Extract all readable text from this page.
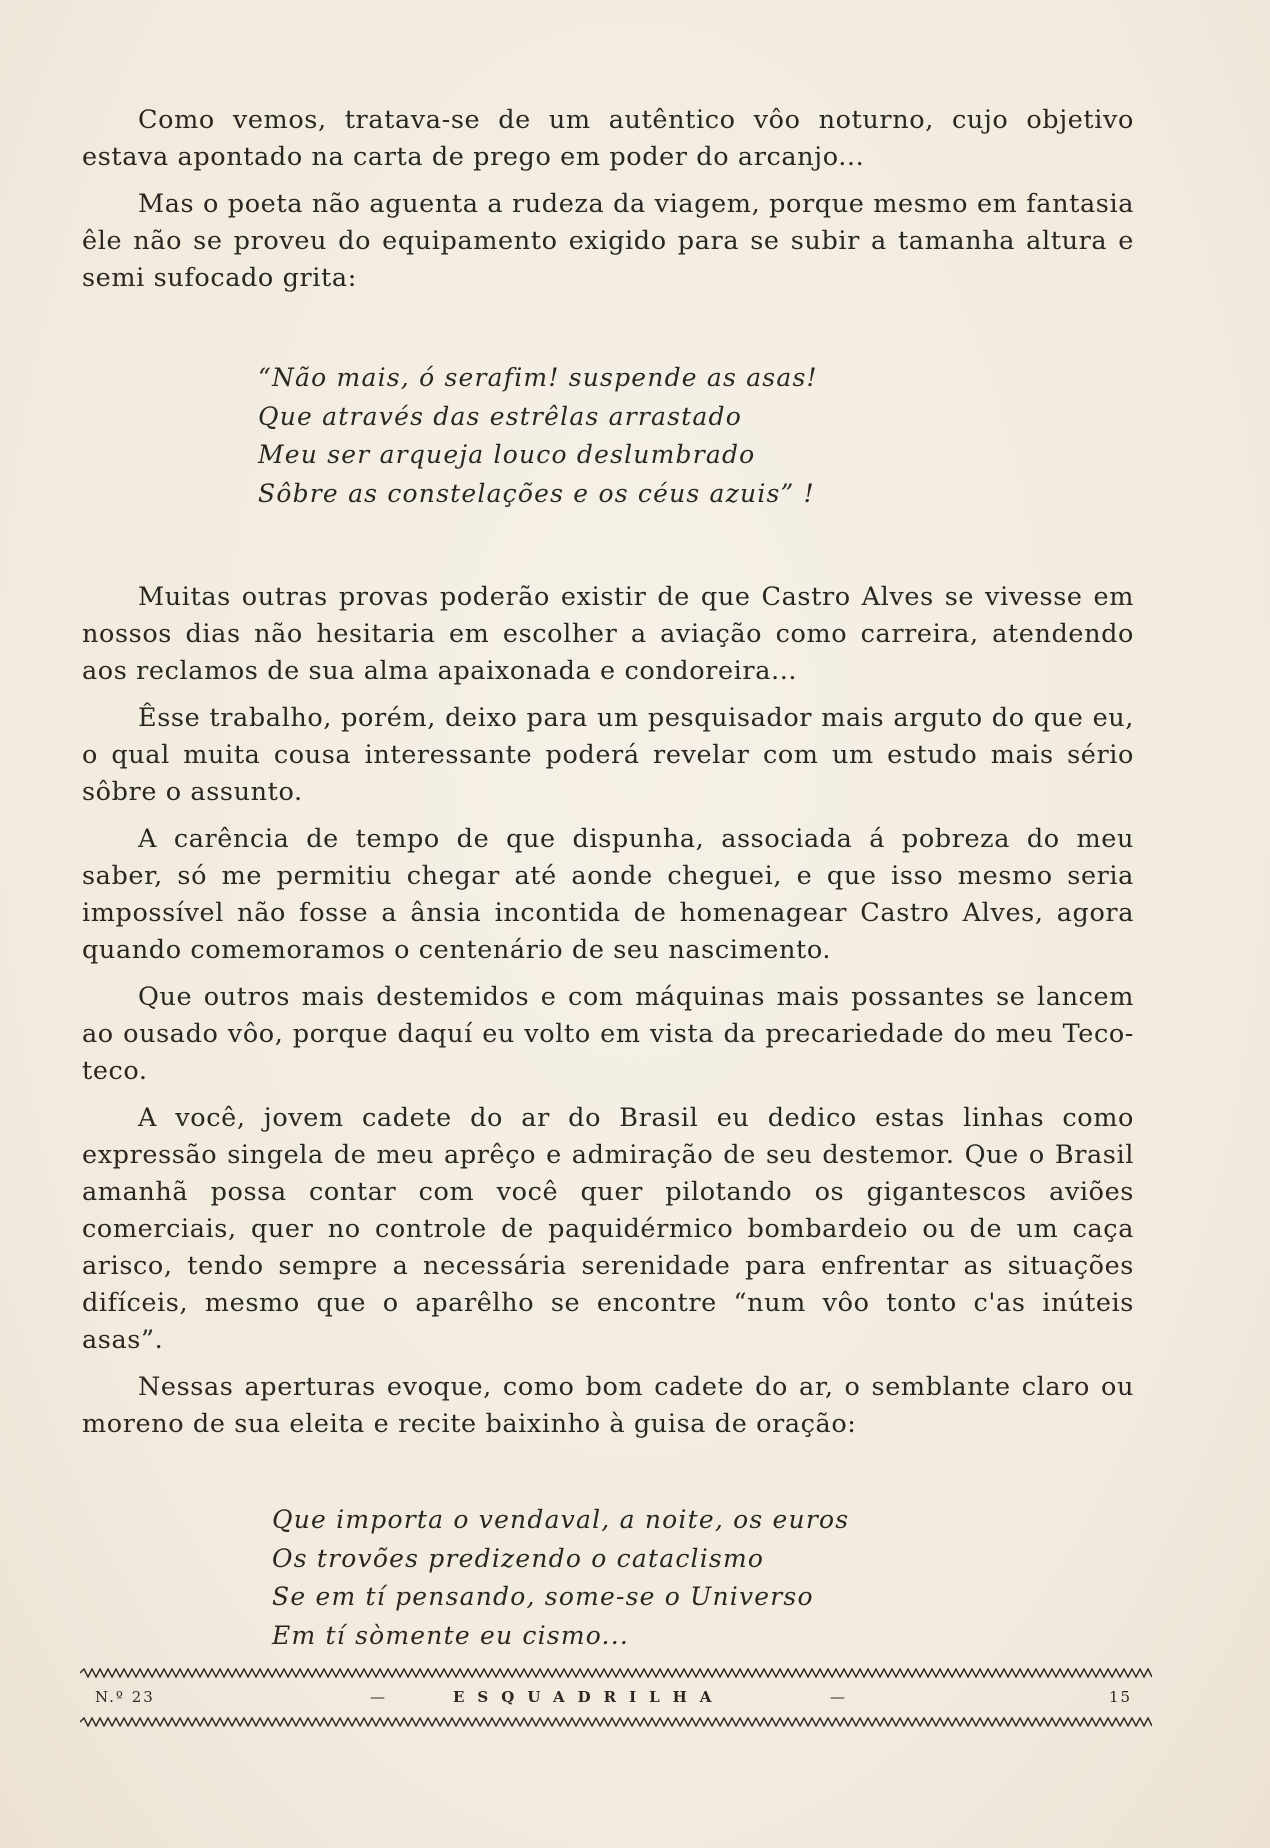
Como vemos, tratava-se de um autêntico vôo noturno, cujo objetivo estava apontado na carta de prego em poder do arcanjo...

Mas o poeta não aguenta a rudeza da viagem, porque mesmo em fantasia êle não se proveu do equipamento exigido para se subir a tamanha altura e semi sufocado grita:

“Não mais, ó serafim! suspende as asas!
Que através das estrêlas arrastado
Meu ser arqueja louco deslumbrado
Sôbre as constelações e os céus azuis” !

Muitas outras provas poderão existir de que Castro Alves se vivesse em nossos dias não hesitaria em escolher a aviação como carreira, atendendo aos reclamos de sua alma apaixonada e condoreira...

Êsse trabalho, porém, deixo para um pesquisador mais arguto do que eu, o qual muita cousa interessante poderá revelar com um estudo mais sério sôbre o assunto.

A carência de tempo de que dispunha, associada á pobreza do meu saber, só me permitiu chegar até aonde cheguei, e que isso mesmo seria impossível não fosse a ânsia incontida de homenagear Castro Alves, agora quando comemoramos o centenário de seu nascimento.

Que outros mais destemidos e com máquinas mais possantes se lancem ao ousado vôo, porque daquí eu volto em vista da precariedade do meu Teco-teco.

A você, jovem cadete do ar do Brasil eu dedico estas linhas como expressão singela de meu aprêço e admiração de seu destemor. Que o Brasil amanhã possa contar com você quer pilotando os gigantescos aviões comerciais, quer no controle de paquidérmico bombardeio ou de um caça arisco, tendo sempre a necessária serenidade para enfrentar as situações difíceis, mesmo que o aparêlho se encontre “num vôo tonto c'as inúteis asas”.

Nessas aperturas evoque, como bom cadete do ar, o semblante claro ou moreno de sua eleita e recite baixinho à guisa de oração:

Que importa o vendaval, a noite, os euros
Os trovões predizendo o cataclismo
Se em tí pensando, some-se o Universo
Em tí sòmente eu cismo...
N.º 23	—	ESQUADRILHA	—	15
